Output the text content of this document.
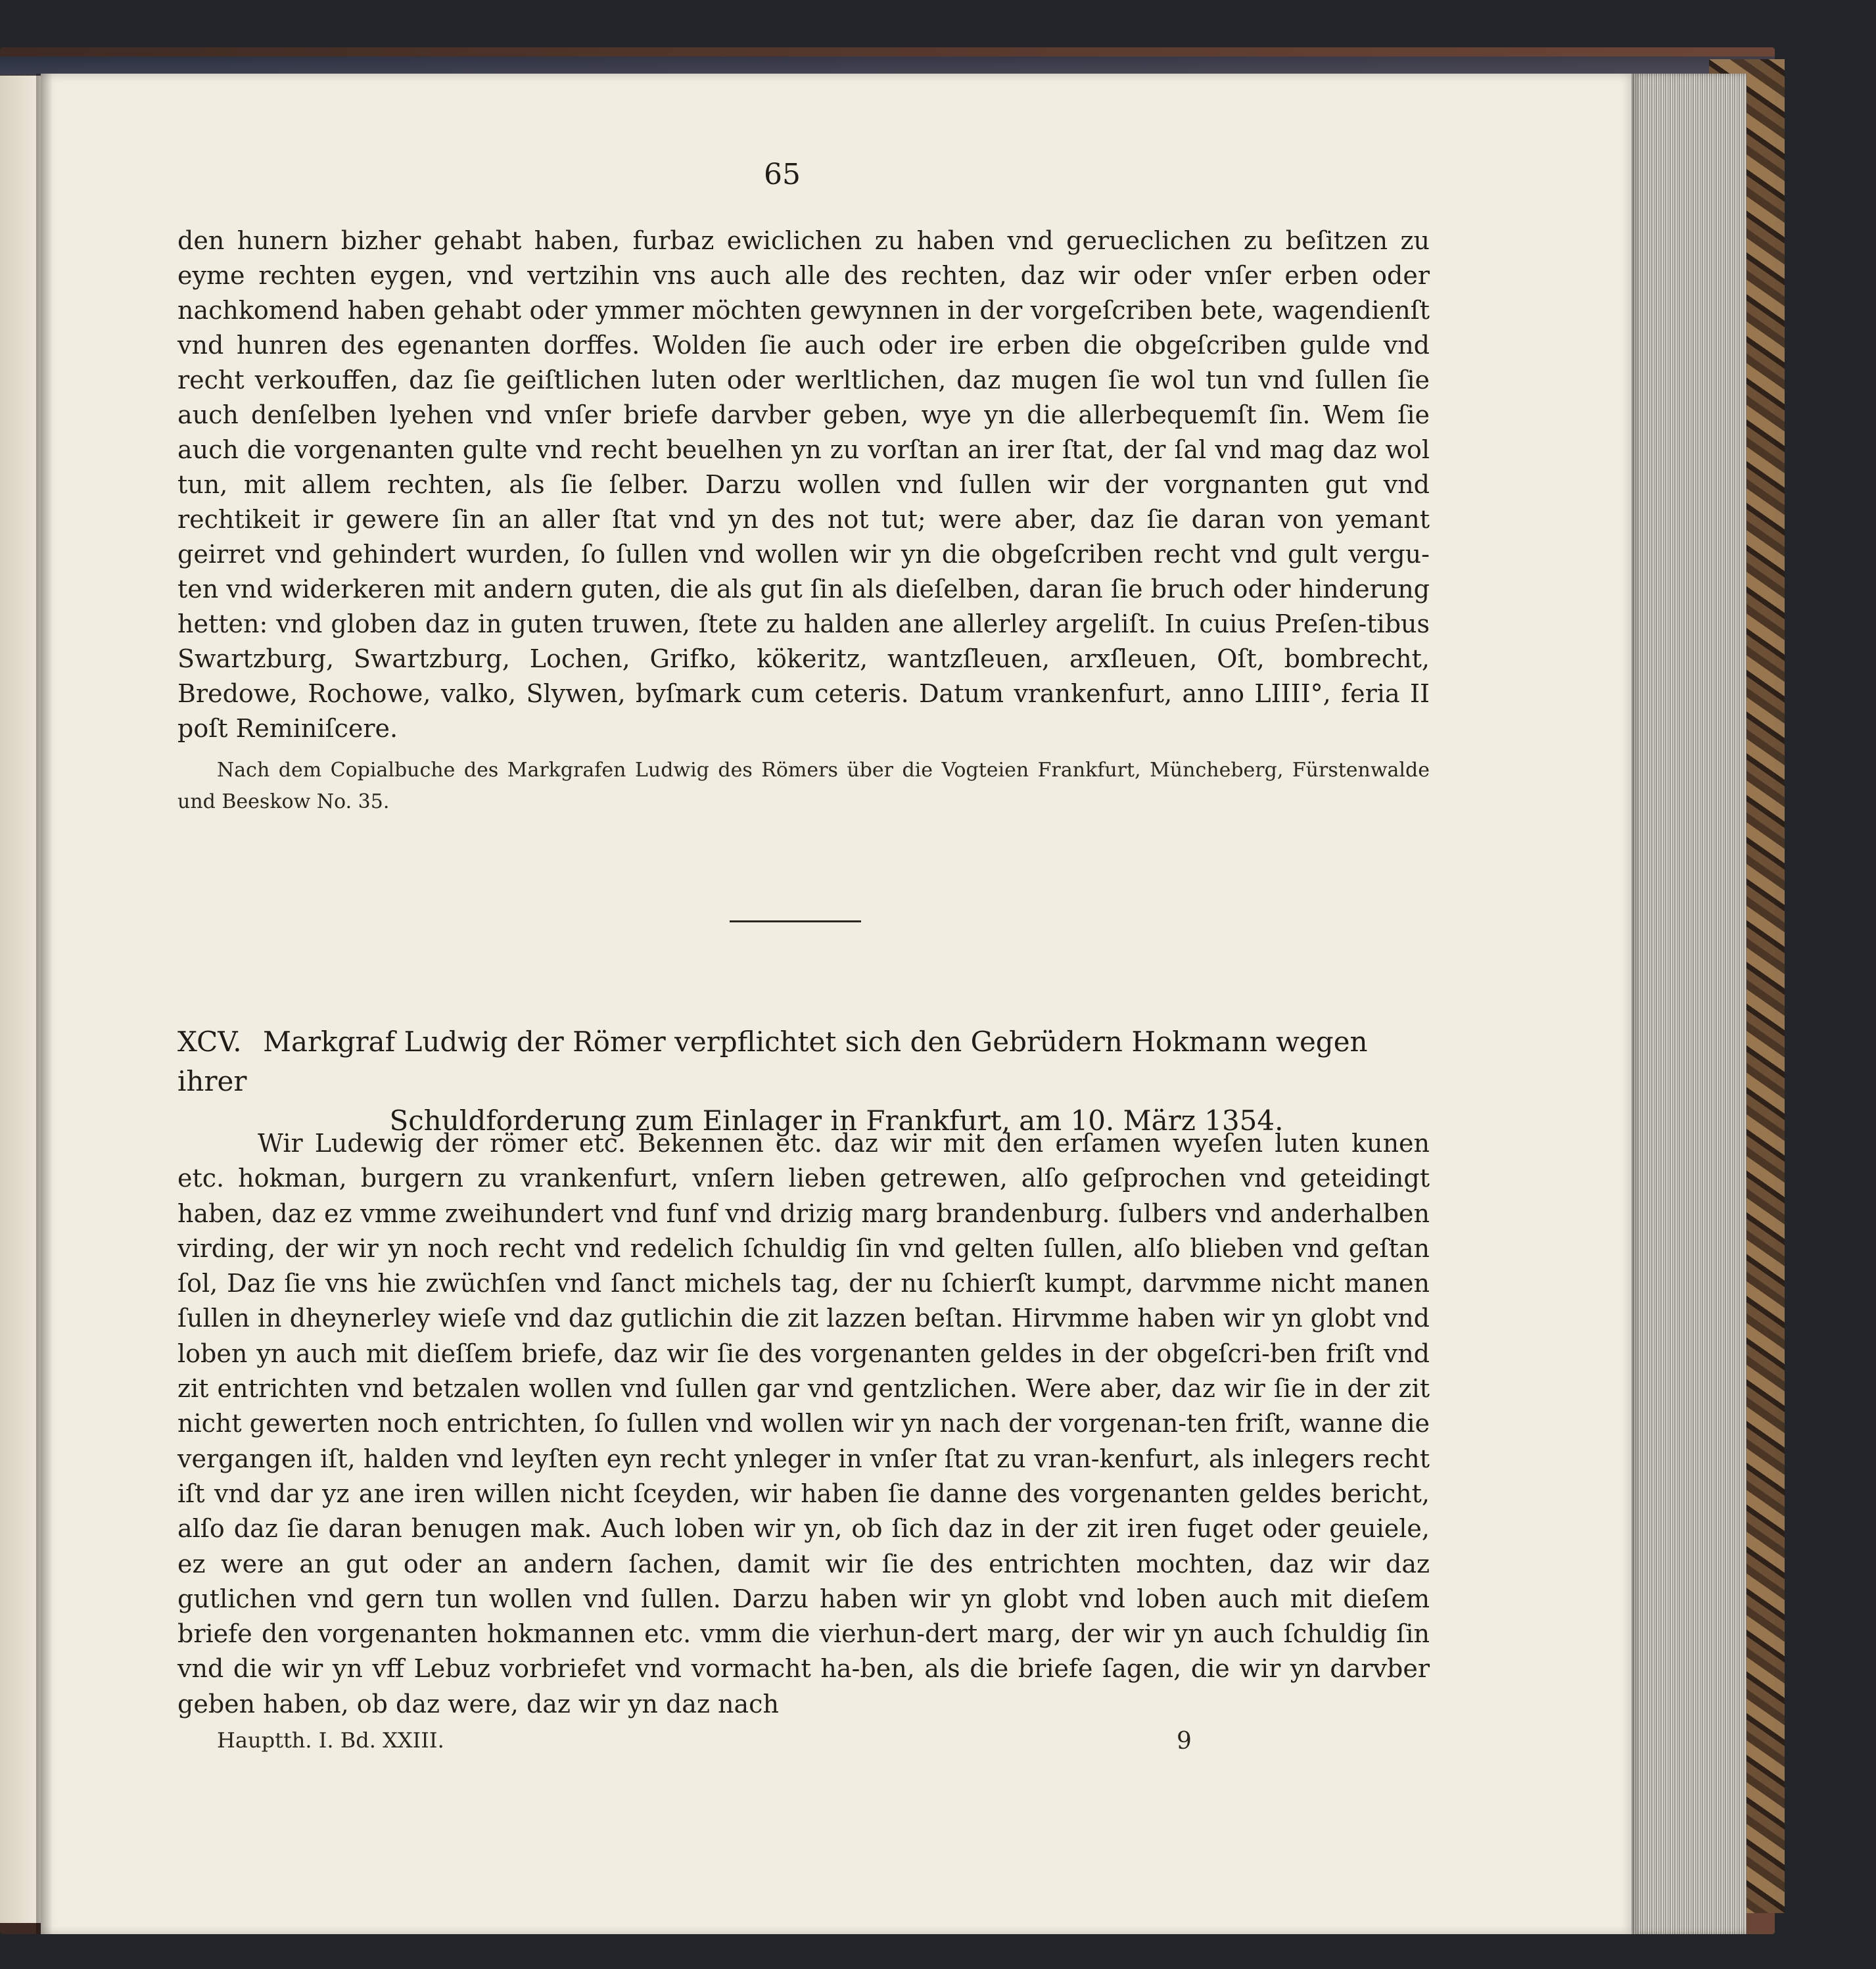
65

den hunern bizher gehabt haben, furbaz ewiclichen zu haben vnd geruеclichen zu beſitzen zu eyme rechten eygen, vnd vertzihin vns auch alle des rechten, daz wir oder vnſer erben oder nachkomend haben gehabt oder ymmer möchten gewynnen in der vorgeſcriben bete, wagendienſt vnd hunren des egenanten dorffes. Wolden ſie auch oder ire erben die obgeſcriben gulde vnd recht verkouffen, daz ſie geiſtlichen luten oder werltlichen, daz mugen ſie wol tun vnd ſullen ſie auch denſelben lyehen vnd vnſer briefe darvber geben, wye yn die allerbequemſt ſin. Wem ſie auch die vorgenanten gulte vnd recht beuelhen yn zu vorſtan an irer ſtat, der ſal vnd mag daz wol tun, mit allem rechten, als ſie ſelber. Darzu wollen vnd ſullen wir der vorgnanten gut vnd rechtikeit ir gewere ſin an aller ſtat vnd yn des not tut; were aber, daz ſie daran von yemant geirret vnd gehindert wurden, ſo ſullen vnd wollen wir yn die obgeſcriben recht vnd gult vergu-ten vnd widerkeren mit andern guten, die als gut ſin als dieſelben, daran ſie bruch oder hinderung hetten: vnd globen daz in guten truwen, ſtete zu halden ane allerley argeliſt. In cuius Preſen-tibus Swartzburg, Swartzburg, Lochen, Grifko, kökeritz, wantzſleuen, arxſleuen, Oſt, bombrecht, Bredowe, Rochowe, valko, Slywen, byſmark cum ceteris. Datum vrankenfurt, anno LIIII°, feria II poſt Reminiſcere.

Nach dem Copialbuche des Markgrafen Ludwig des Römers über die Vogteien Frankfurt, Müncheberg, Fürstenwalde und Beeskow No. 35.
XCV. Markgraf Ludwig der Römer verpflichtet sich den Gebrüdern Hokmann wegen ihrer
Schuldforderung zum Einlager in Frankfurt, am 10. März 1354.

Wir Ludewig der römer etc. Bekennen etc. daz wir mit den erſamen wyeſen luten kunen etc. hokman, burgern zu vrankenfurt, vnſern lieben getrewen, alſo geſprochen vnd geteidingt haben, daz ez vmme zweihundert vnd funf vnd drizig marg brandenburg. ſulbers vnd anderhalben virding, der wir yn noch recht vnd redelich ſchuldig ſin vnd gelten ſullen, alſo blieben vnd geſtan ſol, Daz ſie vns hie zwüchſen vnd ſanct michels tag, der nu ſchierſt kumpt, darvmme nicht manen ſullen in dheynerley wieſe vnd daz gutlichin die zit lazzen beſtan. Hirvmme haben wir yn globt vnd loben yn auch mit dieſſem briefe, daz wir ſie des vorgenanten geldes in der obgeſcri-ben friſt vnd zit entrichten vnd betzalen wollen vnd ſullen gar vnd gentzlichen. Were aber, daz wir ſie in der zit nicht gewerten noch entrichten, ſo ſullen vnd wollen wir yn nach der vorgenan-ten friſt, wanne die vergangen iſt, halden vnd leyſten eyn recht ynleger in vnſer ſtat zu vran-kenfurt, als inlegers recht iſt vnd dar yz ane iren willen nicht ſceyden, wir haben ſie danne des vorgenanten geldes bericht, alſo daz ſie daran benugen mak. Auch loben wir yn, ob ſich daz in der zit iren fuget oder geuiele, ez were an gut oder an andern ſachen, damit wir ſie des entrichten mochten, daz wir daz gutlichen vnd gern tun wollen vnd ſullen. Darzu haben wir yn globt vnd loben auch mit dieſem briefe den vorgenanten hokmannen etc. vmm die vierhun-dert marg, der wir yn auch ſchuldig ſin vnd die wir yn vff Lebuz vorbriefet vnd vormacht ha-ben, als die briefe ſagen, die wir yn darvber geben haben, ob daz were, daz wir yn daz nach

Hauptth. I. Bd. XXIII.	9
